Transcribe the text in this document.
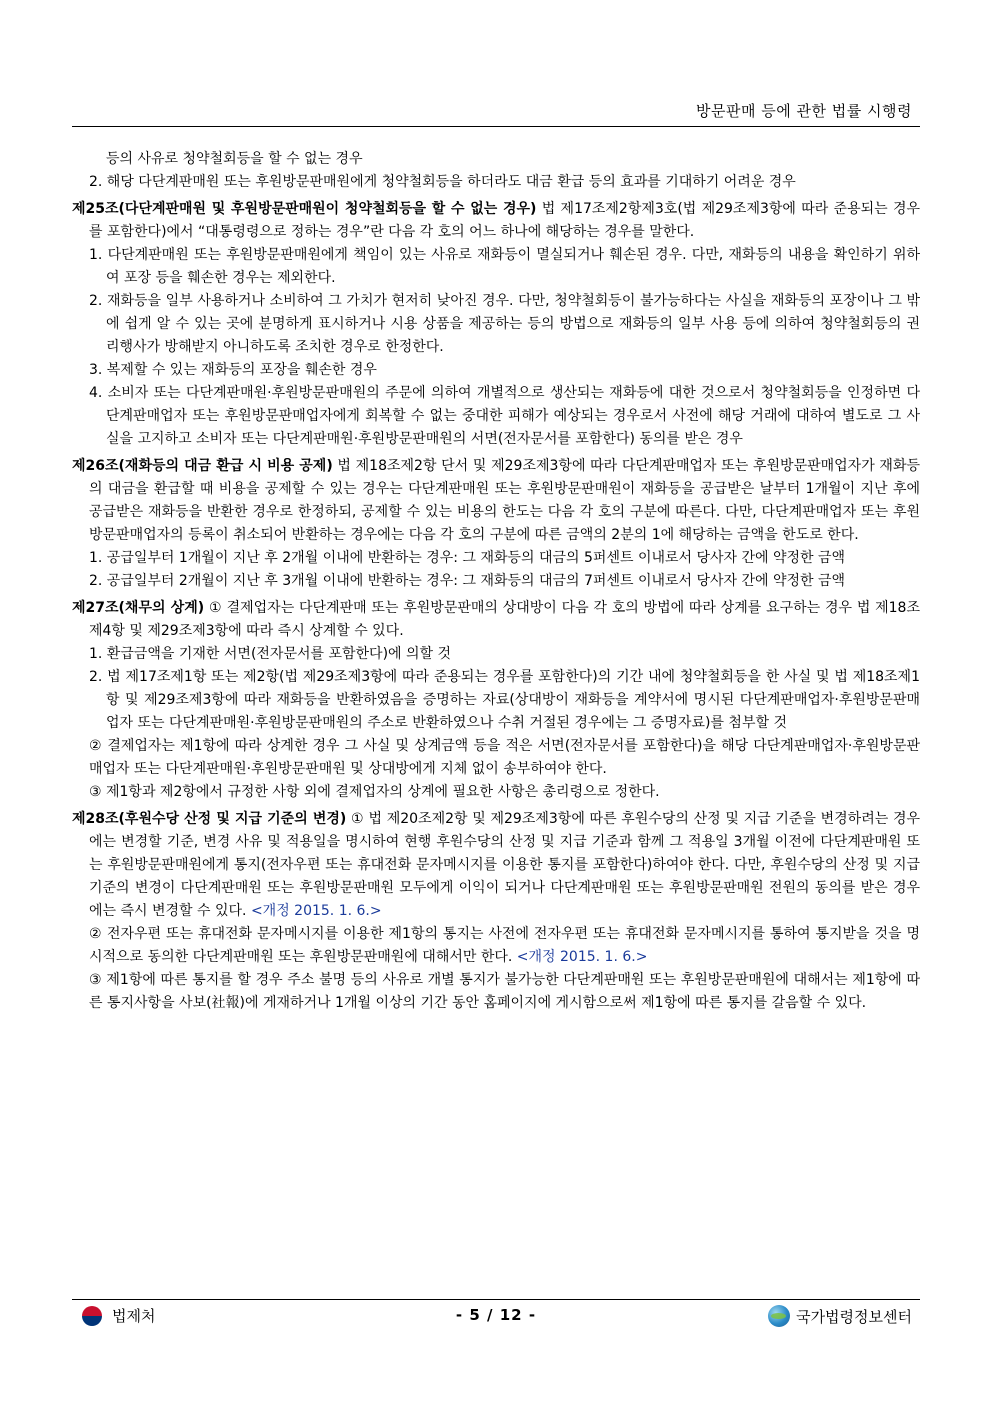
방문판매 등에 관한 법률 시행령

등의 사유로 청약철회등을 할 수 없는 경우

2. 해당 다단계판매원 또는 후원방문판매원에게 청약철회등을 하더라도 대금 환급 등의 효과를 기대하기 어려운 경우

제25조(다단계판매원 및 후원방문판매원이 청약철회등을 할 수 없는 경우) 법 제17조제2항제3호(법 제29조제3항에 따라 준용되는 경우를 포함한다)에서 “대통령령으로 정하는 경우”란 다음 각 호의 어느 하나에 해당하는 경우를 말한다.

1. 다단계판매원 또는 후원방문판매원에게 책임이 있는 사유로 재화등이 멸실되거나 훼손된 경우. 다만, 재화등의 내용을 확인하기 위하여 포장 등을 훼손한 경우는 제외한다.

2. 재화등을 일부 사용하거나 소비하여 그 가치가 현저히 낮아진 경우. 다만, 청약철회등이 불가능하다는 사실을 재화등의 포장이나 그 밖에 쉽게 알 수 있는 곳에 분명하게 표시하거나 시용 상품을 제공하는 등의 방법으로 재화등의 일부 사용 등에 의하여 청약철회등의 권리행사가 방해받지 아니하도록 조치한 경우로 한정한다.

3. 복제할 수 있는 재화등의 포장을 훼손한 경우

4. 소비자 또는 다단계판매원·후원방문판매원의 주문에 의하여 개별적으로 생산되는 재화등에 대한 것으로서 청약철회등을 인정하면 다단계판매업자 또는 후원방문판매업자에게 회복할 수 없는 중대한 피해가 예상되는 경우로서 사전에 해당 거래에 대하여 별도로 그 사실을 고지하고 소비자 또는 다단계판매원·후원방문판매원의 서면(전자문서를 포함한다) 동의를 받은 경우

제26조(재화등의 대금 환급 시 비용 공제) 법 제18조제2항 단서 및 제29조제3항에 따라 다단계판매업자 또는 후원방문판매업자가 재화등의 대금을 환급할 때 비용을 공제할 수 있는 경우는 다단계판매원 또는 후원방문판매원이 재화등을 공급받은 날부터 1개월이 지난 후에 공급받은 재화등을 반환한 경우로 한정하되, 공제할 수 있는 비용의 한도는 다음 각 호의 구분에 따른다. 다만, 다단계판매업자 또는 후원방문판매업자의 등록이 취소되어 반환하는 경우에는 다음 각 호의 구분에 따른 금액의 2분의 1에 해당하는 금액을 한도로 한다.

1. 공급일부터 1개월이 지난 후 2개월 이내에 반환하는 경우: 그 재화등의 대금의 5퍼센트 이내로서 당사자 간에 약정한 금액

2. 공급일부터 2개월이 지난 후 3개월 이내에 반환하는 경우: 그 재화등의 대금의 7퍼센트 이내로서 당사자 간에 약정한 금액

제27조(채무의 상계) ① 결제업자는 다단계판매 또는 후원방문판매의 상대방이 다음 각 호의 방법에 따라 상계를 요구하는 경우 법 제18조제4항 및 제29조제3항에 따라 즉시 상계할 수 있다.

1. 환급금액을 기재한 서면(전자문서를 포함한다)에 의할 것

2. 법 제17조제1항 또는 제2항(법 제29조제3항에 따라 준용되는 경우를 포함한다)의 기간 내에 청약철회등을 한 사실 및 법 제18조제1항 및 제29조제3항에 따라 재화등을 반환하였음을 증명하는 자료(상대방이 재화등을 계약서에 명시된 다단계판매업자·후원방문판매업자 또는 다단계판매원·후원방문판매원의 주소로 반환하였으나 수취 거절된 경우에는 그 증명자료)를 첨부할 것

② 결제업자는 제1항에 따라 상계한 경우 그 사실 및 상계금액 등을 적은 서면(전자문서를 포함한다)을 해당 다단계판매업자·후원방문판매업자 또는 다단계판매원·후원방문판매원 및 상대방에게 지체 없이 송부하여야 한다.

③ 제1항과 제2항에서 규정한 사항 외에 결제업자의 상계에 필요한 사항은 총리령으로 정한다.

제28조(후원수당 산정 및 지급 기준의 변경) ① 법 제20조제2항 및 제29조제3항에 따른 후원수당의 산정 및 지급 기준을 변경하려는 경우에는 변경할 기준, 변경 사유 및 적용일을 명시하여 현행 후원수당의 산정 및 지급 기준과 함께 그 적용일 3개월 이전에 다단계판매원 또는 후원방문판매원에게 통지(전자우편 또는 휴대전화 문자메시지를 이용한 통지를 포함한다)하여야 한다. 다만, 후원수당의 산정 및 지급 기준의 변경이 다단계판매원 또는 후원방문판매원 모두에게 이익이 되거나 다단계판매원 또는 후원방문판매원 전원의 동의를 받은 경우에는 즉시 변경할 수 있다. <개정 2015. 1. 6.>

② 전자우편 또는 휴대전화 문자메시지를 이용한 제1항의 통지는 사전에 전자우편 또는 휴대전화 문자메시지를 통하여 통지받을 것을 명시적으로 동의한 다단계판매원 또는 후원방문판매원에 대해서만 한다. <개정 2015. 1. 6.>

③ 제1항에 따른 통지를 할 경우 주소 불명 등의 사유로 개별 통지가 불가능한 다단계판매원 또는 후원방문판매원에 대해서는 제1항에 따른 통지사항을 사보(社報)에 게재하거나 1개월 이상의 기간 동안 홈페이지에 게시함으로써 제1항에 따른 통지를 갈음할 수 있다.

법제처	- 5 / 12 -	국가법령정보센터
